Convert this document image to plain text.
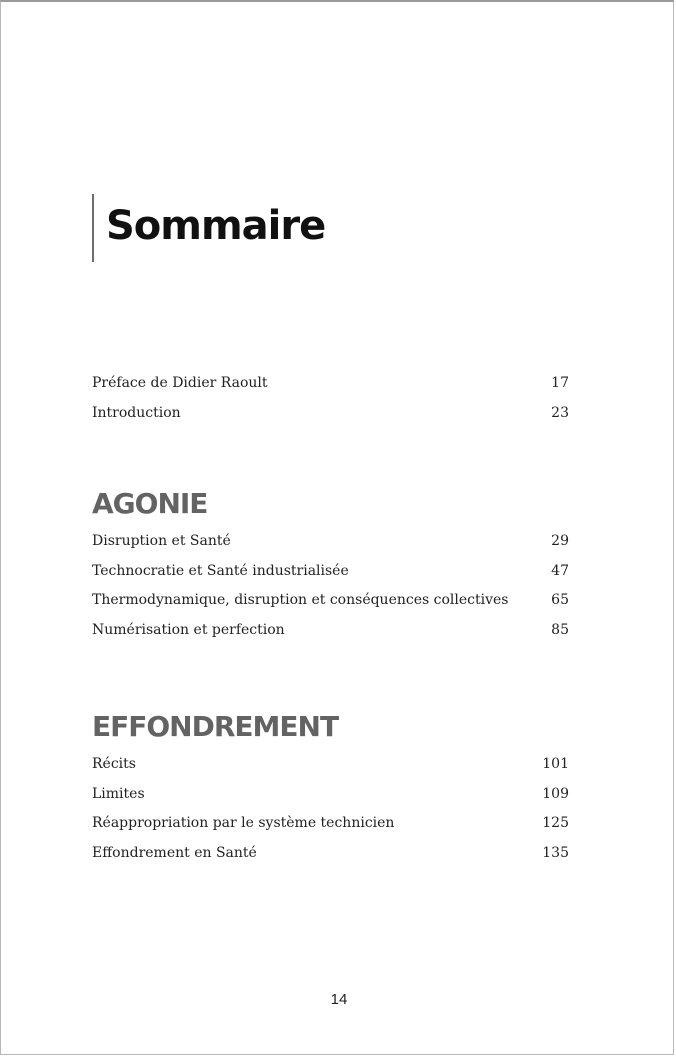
Sommaire
Préface de Didier Raoult	17
Introduction	23
AGONIE
Disruption et Santé	29
Technocratie et Santé industrialisée	47
Thermodynamique, disruption et conséquences collectives	65
Numérisation et perfection	85
EFFONDREMENT
Récits	101
Limites	109
Réappropriation par le système technicien	125
Effondrement en Santé	135
14
